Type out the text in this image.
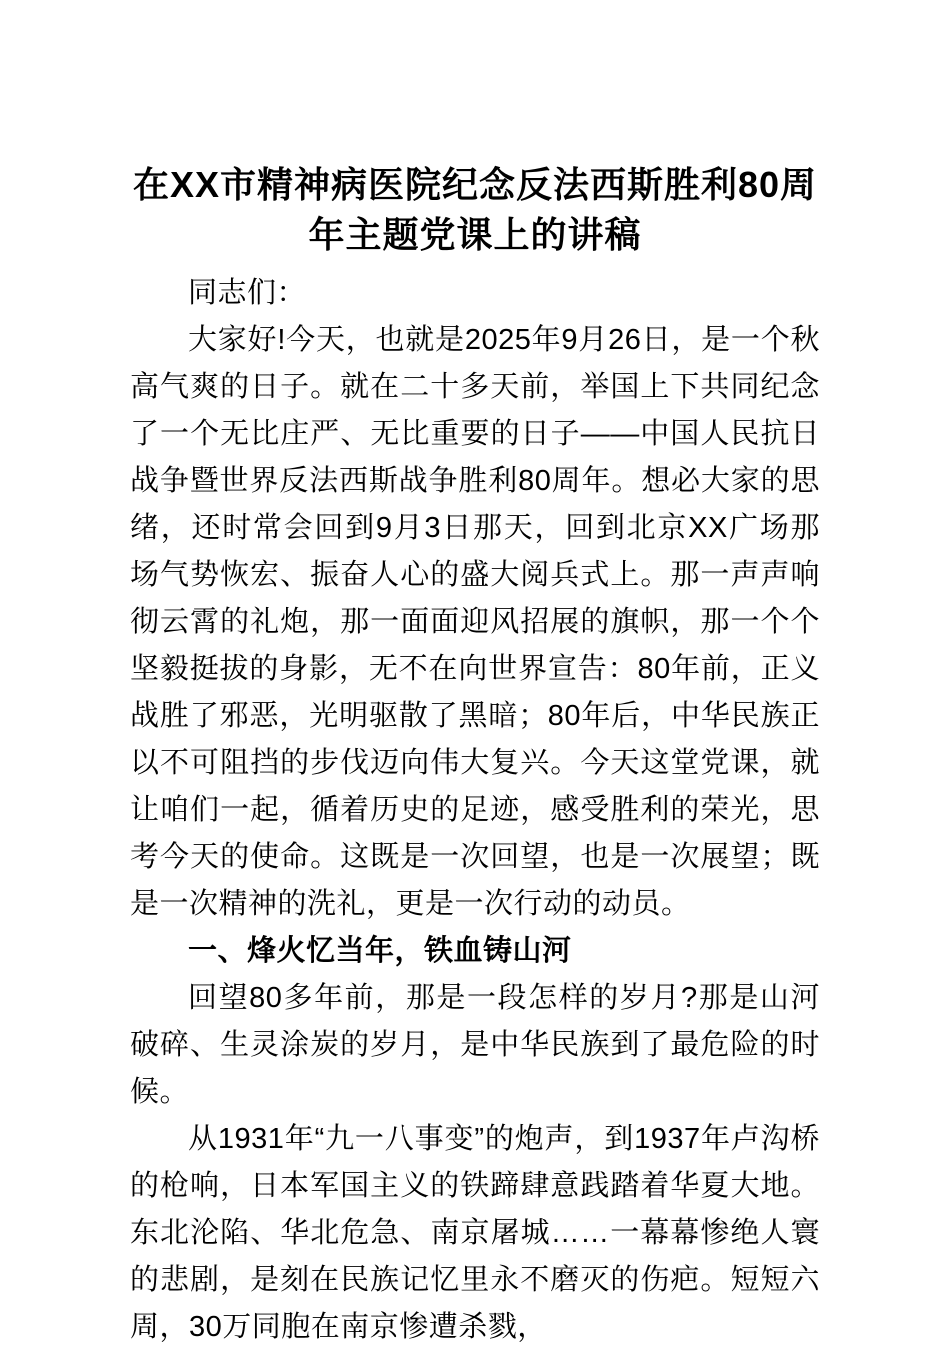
在XX市精神病医院纪念反法西斯胜利80周年主题党课上的讲稿

同志们：

大家好!今天，也就是2025年9月26日，是一个秋高气爽的日子。就在二十多天前，举国上下共同纪念了一个无比庄严、无比重要的日子——中国人民抗日战争暨世界反法西斯战争胜利80周年。想必大家的思绪，还时常会回到9月3日那天，回到北京XX广场那场气势恢宏、振奋人心的盛大阅兵式上。那一声声响彻云霄的礼炮，那一面面迎风招展的旗帜，那一个个坚毅挺拔的身影，无不在向世界宣告：80年前，正义战胜了邪恶，光明驱散了黑暗；80年后，中华民族正以不可阻挡的步伐迈向伟大复兴。今天这堂党课，就让咱们一起，循着历史的足迹，感受胜利的荣光，思考今天的使命。这既是一次回望，也是一次展望；既是一次精神的洗礼，更是一次行动的动员。

一、烽火忆当年，铁血铸山河

回望80多年前，那是一段怎样的岁月?那是山河破碎、生灵涂炭的岁月，是中华民族到了最危险的时候。

从1931年“九一八事变”的炮声，到1937年卢沟桥的枪响，日本军国主义的铁蹄肆意践踏着华夏大地。东北沦陷、华北危急、南京屠城……一幕幕惨绝人寰的悲剧，是刻在民族记忆里永不磨灭的伤疤。短短六周，30万同胞在南京惨遭杀戮，
